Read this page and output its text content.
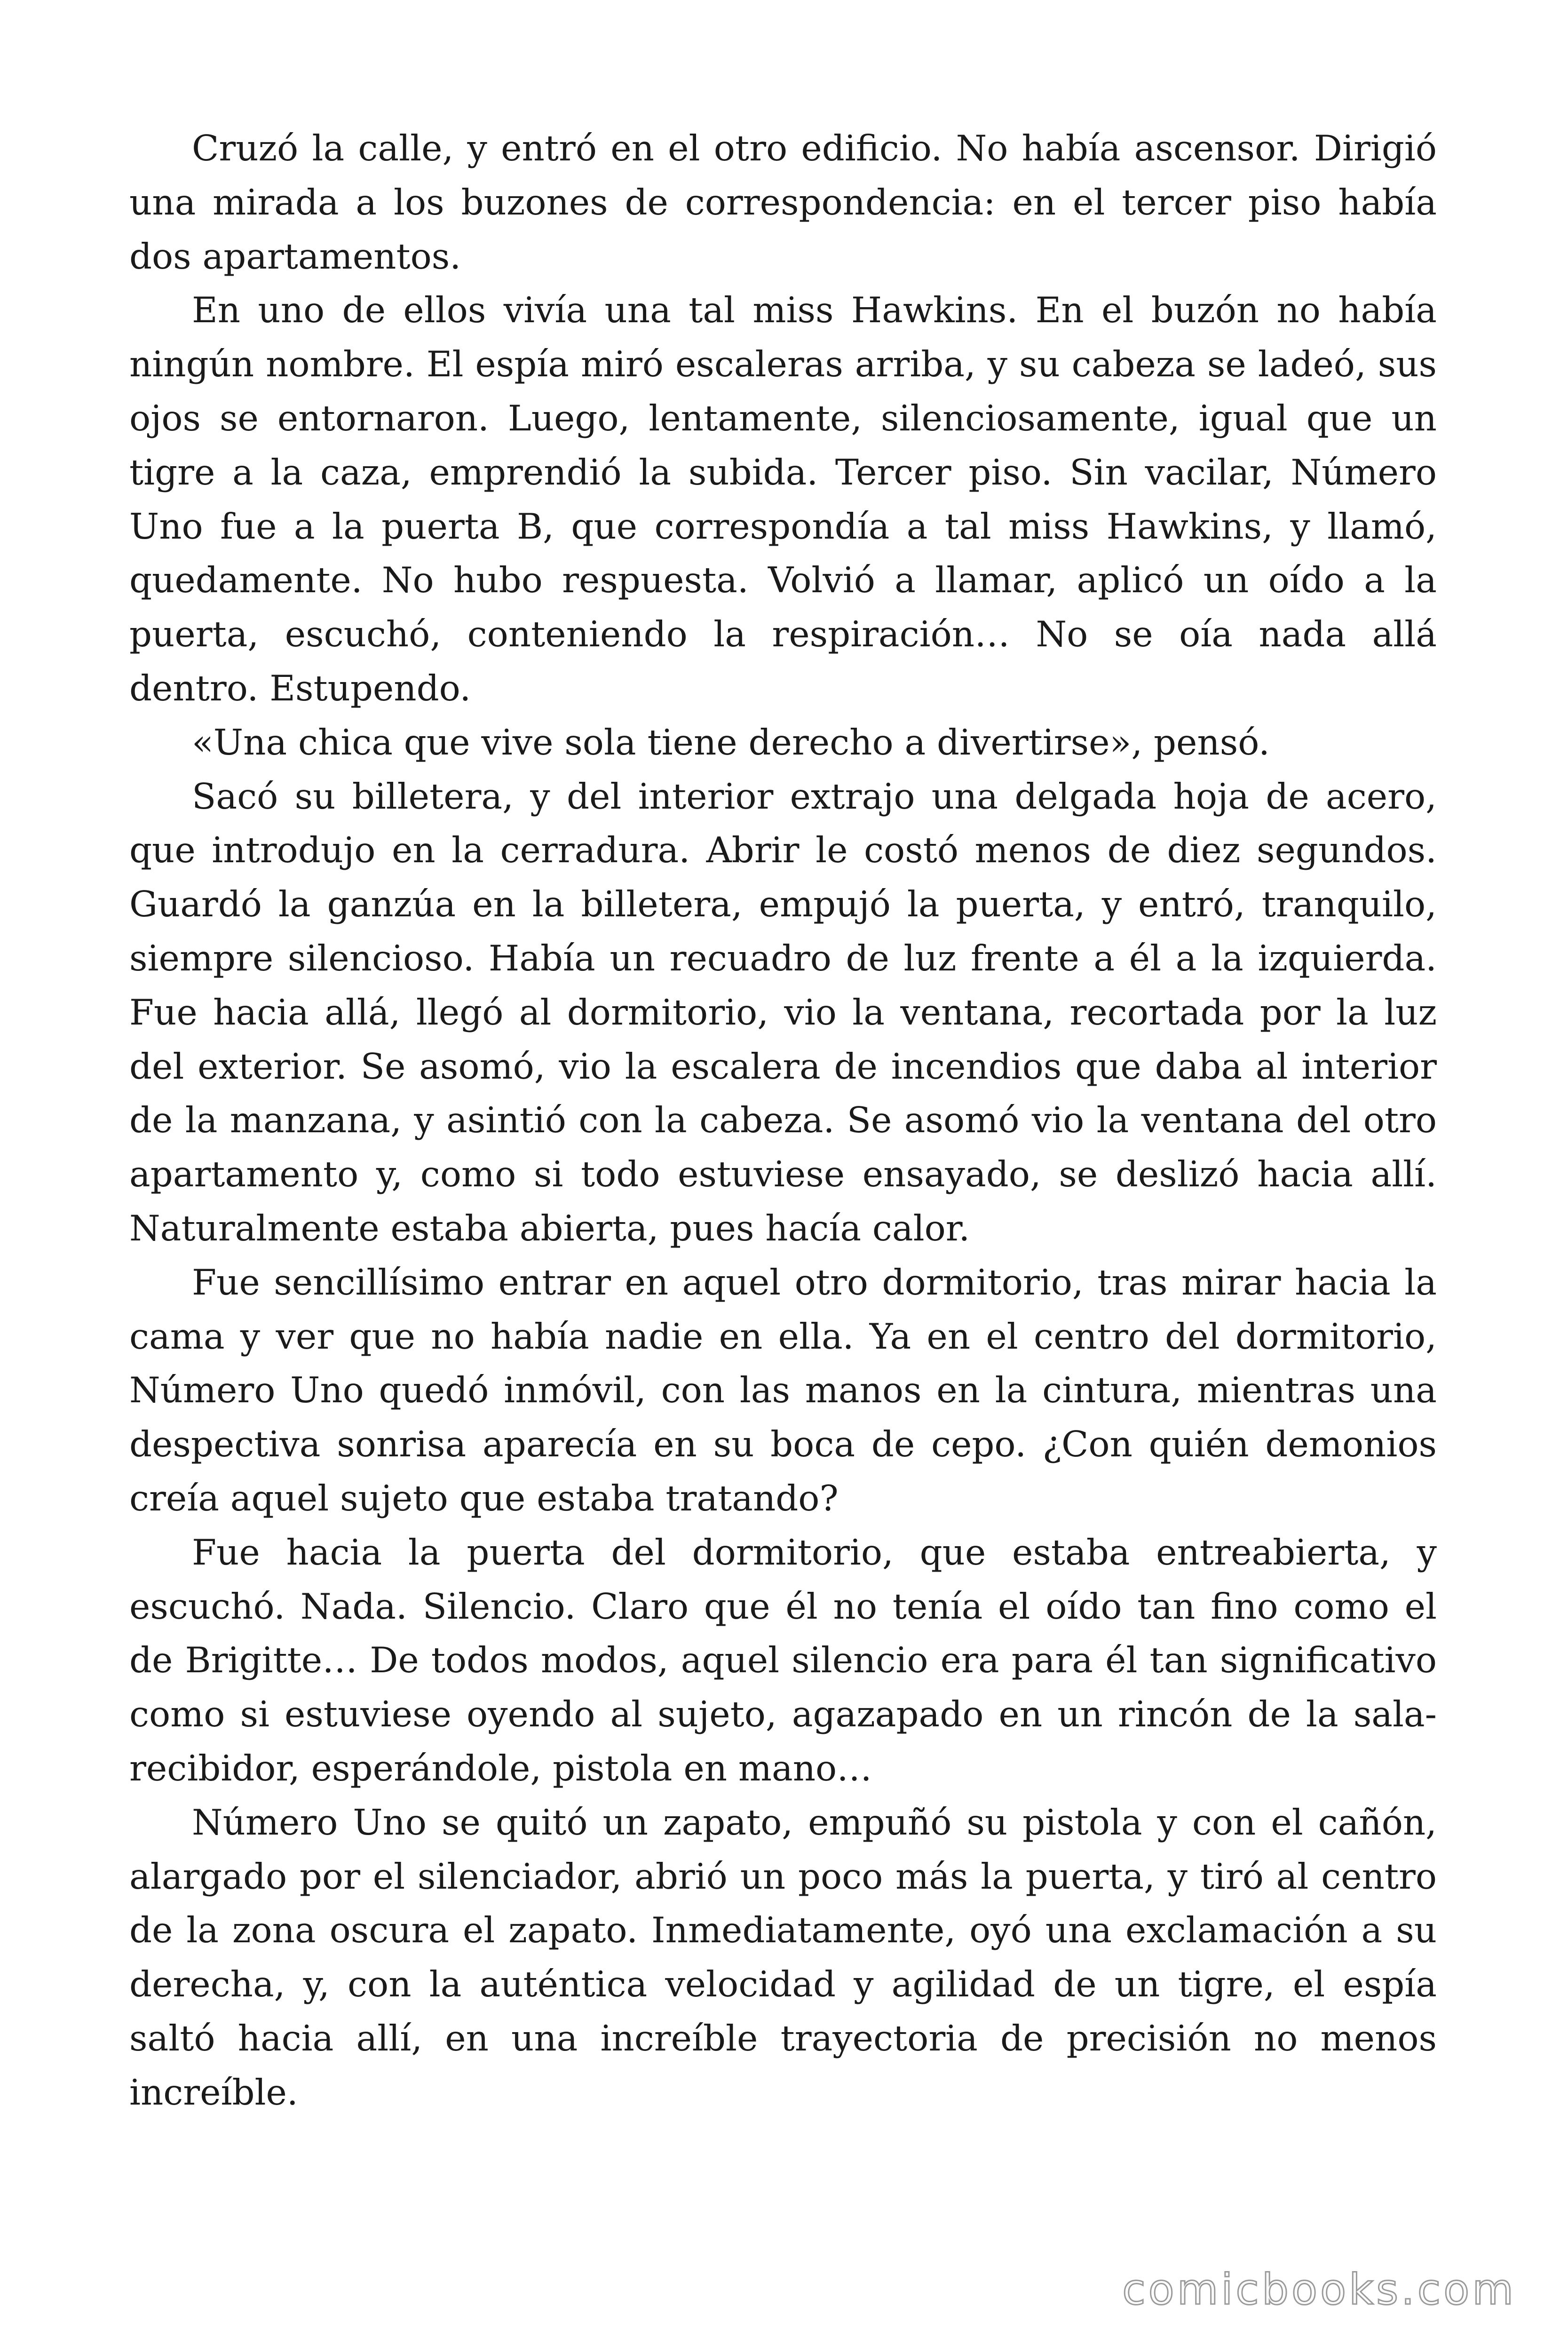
Cruzó la calle, y entró en el otro edificio. No había ascensor. Dirigió una mirada a los buzones de correspondencia: en el tercer piso había dos apartamentos.

En uno de ellos vivía una tal miss Hawkins. En el buzón no había ningún nombre. El espía miró escaleras arriba, y su cabeza se ladeó, sus ojos se entornaron. Luego, lentamente, silenciosamente, igual que un tigre a la caza, emprendió la subida. Tercer piso. Sin vacilar, Número Uno fue a la puerta B, que correspondía a tal miss Hawkins, y llamó, quedamente. No hubo respuesta. Volvió a llamar, aplicó un oído a la puerta, escuchó, conteniendo la respiración… No se oía nada allá dentro. Estupendo.

«Una chica que vive sola tiene derecho a divertirse», pensó.

Sacó su billetera, y del interior extrajo una delgada hoja de acero, que introdujo en la cerradura. Abrir le costó menos de diez segundos. Guardó la ganzúa en la billetera, empujó la puerta, y entró, tranquilo, siempre silencioso. Había un recuadro de luz frente a él a la izquierda. Fue hacia allá, llegó al dormitorio, vio la ventana, recortada por la luz del exterior. Se asomó, vio la escalera de incendios que daba al interior de la manzana, y asintió con la cabeza. Se asomó vio la ventana del otro apartamento y, como si todo estuviese ensayado, se deslizó hacia allí. Naturalmente estaba abierta, pues hacía calor.

Fue sencillísimo entrar en aquel otro dormitorio, tras mirar hacia la cama y ver que no había nadie en ella. Ya en el centro del dormitorio, Número Uno quedó inmóvil, con las manos en la cintura, mientras una despectiva sonrisa aparecía en su boca de cepo. ¿Con quién demonios creía aquel sujeto que estaba tratando?

Fue hacia la puerta del dormitorio, que estaba entreabierta, y escuchó. Nada. Silencio. Claro que él no tenía el oído tan fino como el de Brigitte… De todos modos, aquel silencio era para él tan significativo como si estuviese oyendo al sujeto, agazapado en un rincón de la sala-recibidor, esperándole, pistola en mano…

Número Uno se quitó un zapato, empuñó su pistola y con el cañón, alargado por el silenciador, abrió un poco más la puerta, y tiró al centro de la zona oscura el zapato. Inmediatamente, oyó una exclamación a su derecha, y, con la auténtica velocidad y agilidad de un tigre, el espía saltó hacia allí, en una increíble trayectoria de precisión no menos increíble.

comicbooks.com
